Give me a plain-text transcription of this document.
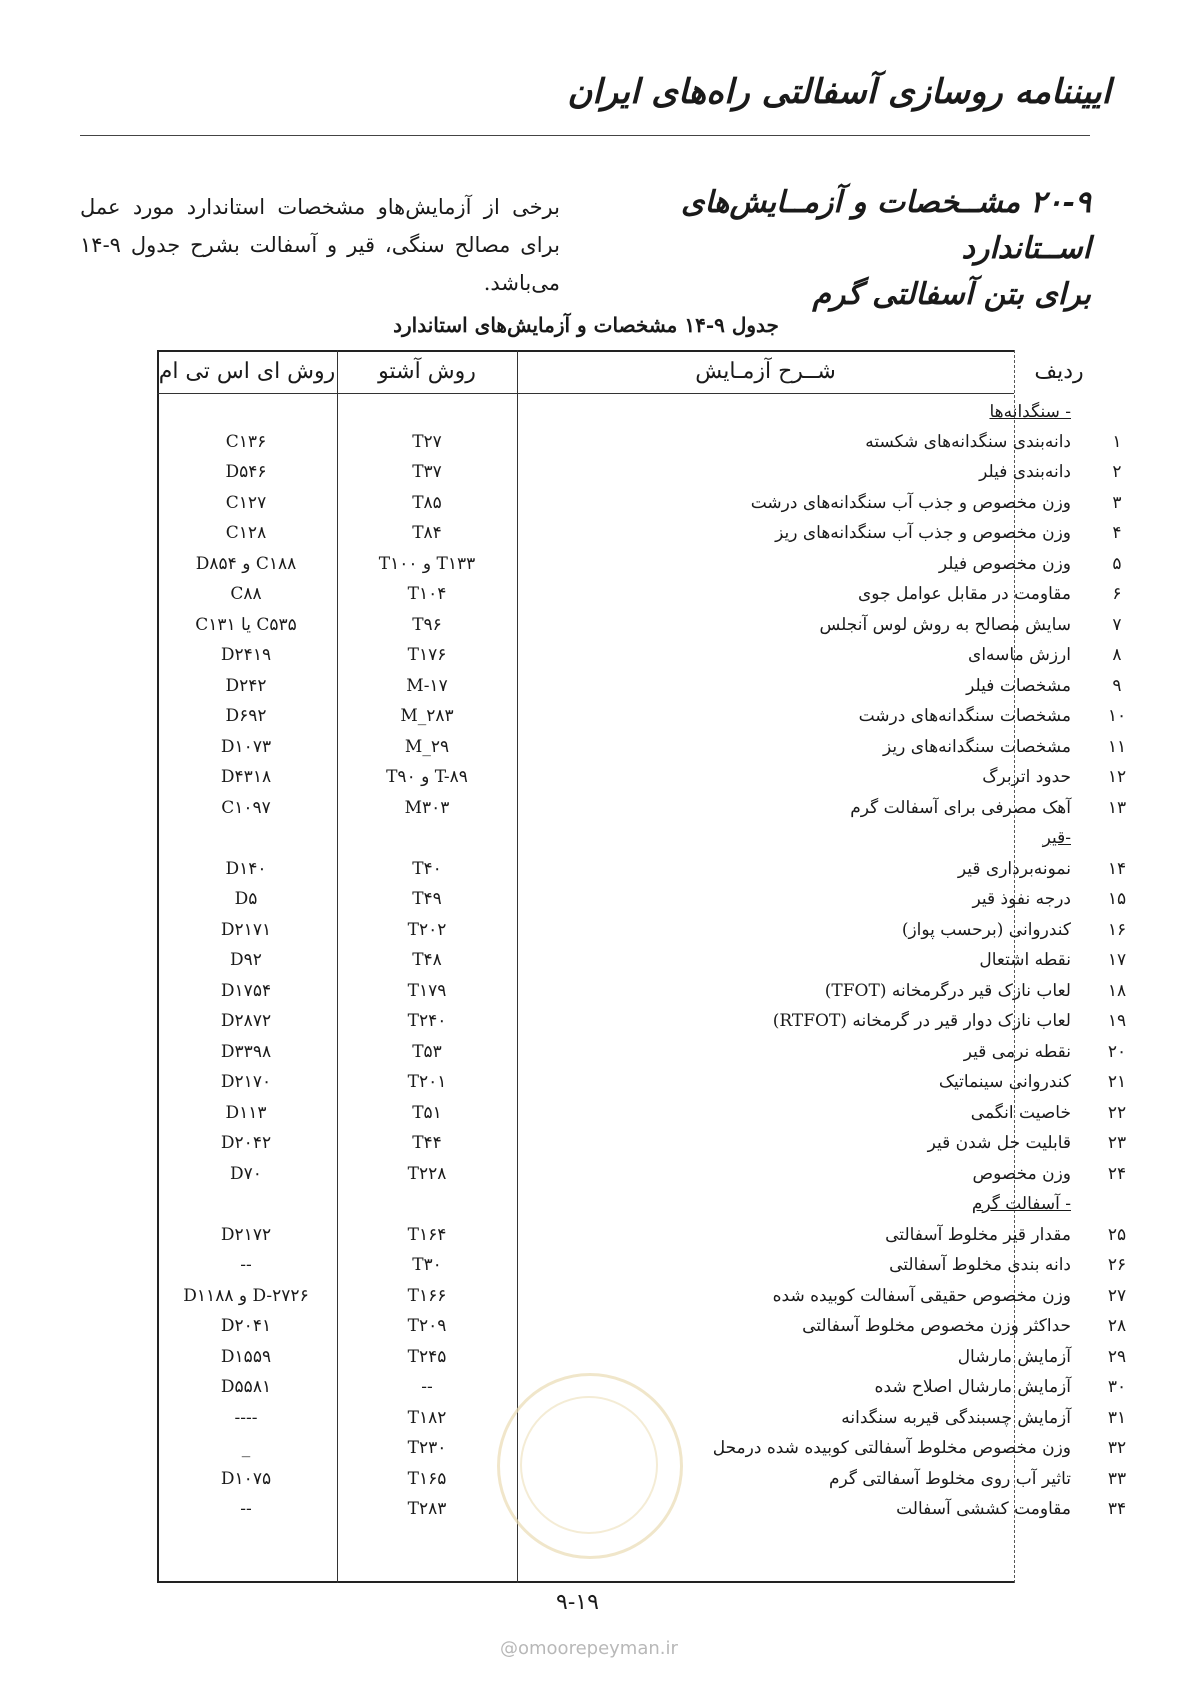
اییننامه روسازی آسفالتی راه‌های ایران
۲۰-۹مشــخصات و آزمــایش‌های اســتاندارد
برای بتن آسفالتی گرم
برخی از آزمایش‌هاو مشخصات استاندارد مورد عمل برای مصالح سنگی، قیر و آسفالت بشرح جدول ۹-۱۴ می‌باشد.
جدول ۹-۱۴ مشخصات و آزمایش‌های استاندارد
روش ای اس تی ام	روش آشتو	شــرح آزمـایش	ردیف
- سنگدانه‌ها
C۱۳۶	T۲۷	دانه‌بندی سنگدانه‌های شکسته	۱
D۵۴۶	T۳۷	دانه‌بندی فیلر	۲
C۱۲۷	T۸۵	وزن مخصوص و جذب آب سنگدانه‌های درشت	۳
C۱۲۸	T۸۴	وزن مخصوص و جذب آب سنگدانه‌های ریز	۴
D۸۵۴ و C۱۸۸	T۱۰۰ و T۱۳۳	وزن مخصوص فیلر	۵
C۸۸	T۱۰۴	مقاومت در مقابل عوامل جوی	۶
C۱۳۱ یا C۵۳۵	T۹۶	سایش مصالح به روش لوس آنجلس	۷
D۲۴۱۹	T۱۷۶	ارزش ماسه‌ای	۸
D۲۴۲	M-۱۷	مشخصات فیلر	۹
D۶۹۲	M_۲۸۳	مشخصات سنگدانه‌های درشت	۱۰
D۱۰۷۳	M_۲۹	مشخصات سنگدانه‌های ریز	۱۱
D۴۳۱۸	T۹۰ و T-۸۹	حدود اتربرگ	۱۲
C۱۰۹۷	M۳۰۳	آهک مصرفی برای آسفالت گرم	۱۳
-قیر
D۱۴۰	T۴۰	نمونه‌برداری قیر	۱۴
D۵	T۴۹	درجه نفوذ قیر	۱۵
D۲۱۷۱	T۲۰۲	کندروانی (برحسب پواز)	۱۶
D۹۲	T۴۸	نقطه اشتعال	۱۷
D۱۷۵۴	T۱۷۹	لعاب نازک قیر درگرمخانه (TFOT)	۱۸
D۲۸۷۲	T۲۴۰	لعاب نازک دوار قیر در گرمخانه (RTFOT)	۱۹
D۳۳۹۸	T۵۳	نقطه نرمی قیر	۲۰
D۲۱۷۰	T۲۰۱	کندروانی سینماتیک	۲۱
D۱۱۳	T۵۱	خاصیت انگمی	۲۲
D۲۰۴۲	T۴۴	قابلیت حل شدن قیر	۲۳
D۷۰	T۲۲۸	وزن مخصوص	۲۴
- آسفالت گرم
D۲۱۷۲	T۱۶۴	مقدار قیر مخلوط آسفالتی	۲۵
--	T۳۰	دانه بندی مخلوط آسفالتی	۲۶
D۱۱۸۸ و D-۲۷۲۶	T۱۶۶	وزن مخصوص حقیقی آسفالت کوبیده شده	۲۷
D۲۰۴۱	T۲۰۹	حداکثر وزن مخصوص مخلوط آسفالتی	۲۸
D۱۵۵۹	T۲۴۵	آزمایش مارشال	۲۹
D۵۵۸۱	--	آزمایش مارشال اصلاح شده	۳۰
----	T۱۸۲	آزمایش چسبندگی قیربه سنگدانه	۳۱
_	T۲۳۰	وزن مخصوص مخلوط آسفالتی کوبیده شده درمحل	۳۲
D۱۰۷۵	T۱۶۵	تاثیر آب روی مخلوط آسفالتی گرم	۳۳
--	T۲۸۳	مقاومت کششی آسفالت	۳۴
۹-۱۹
@omoorepeyman.ir
